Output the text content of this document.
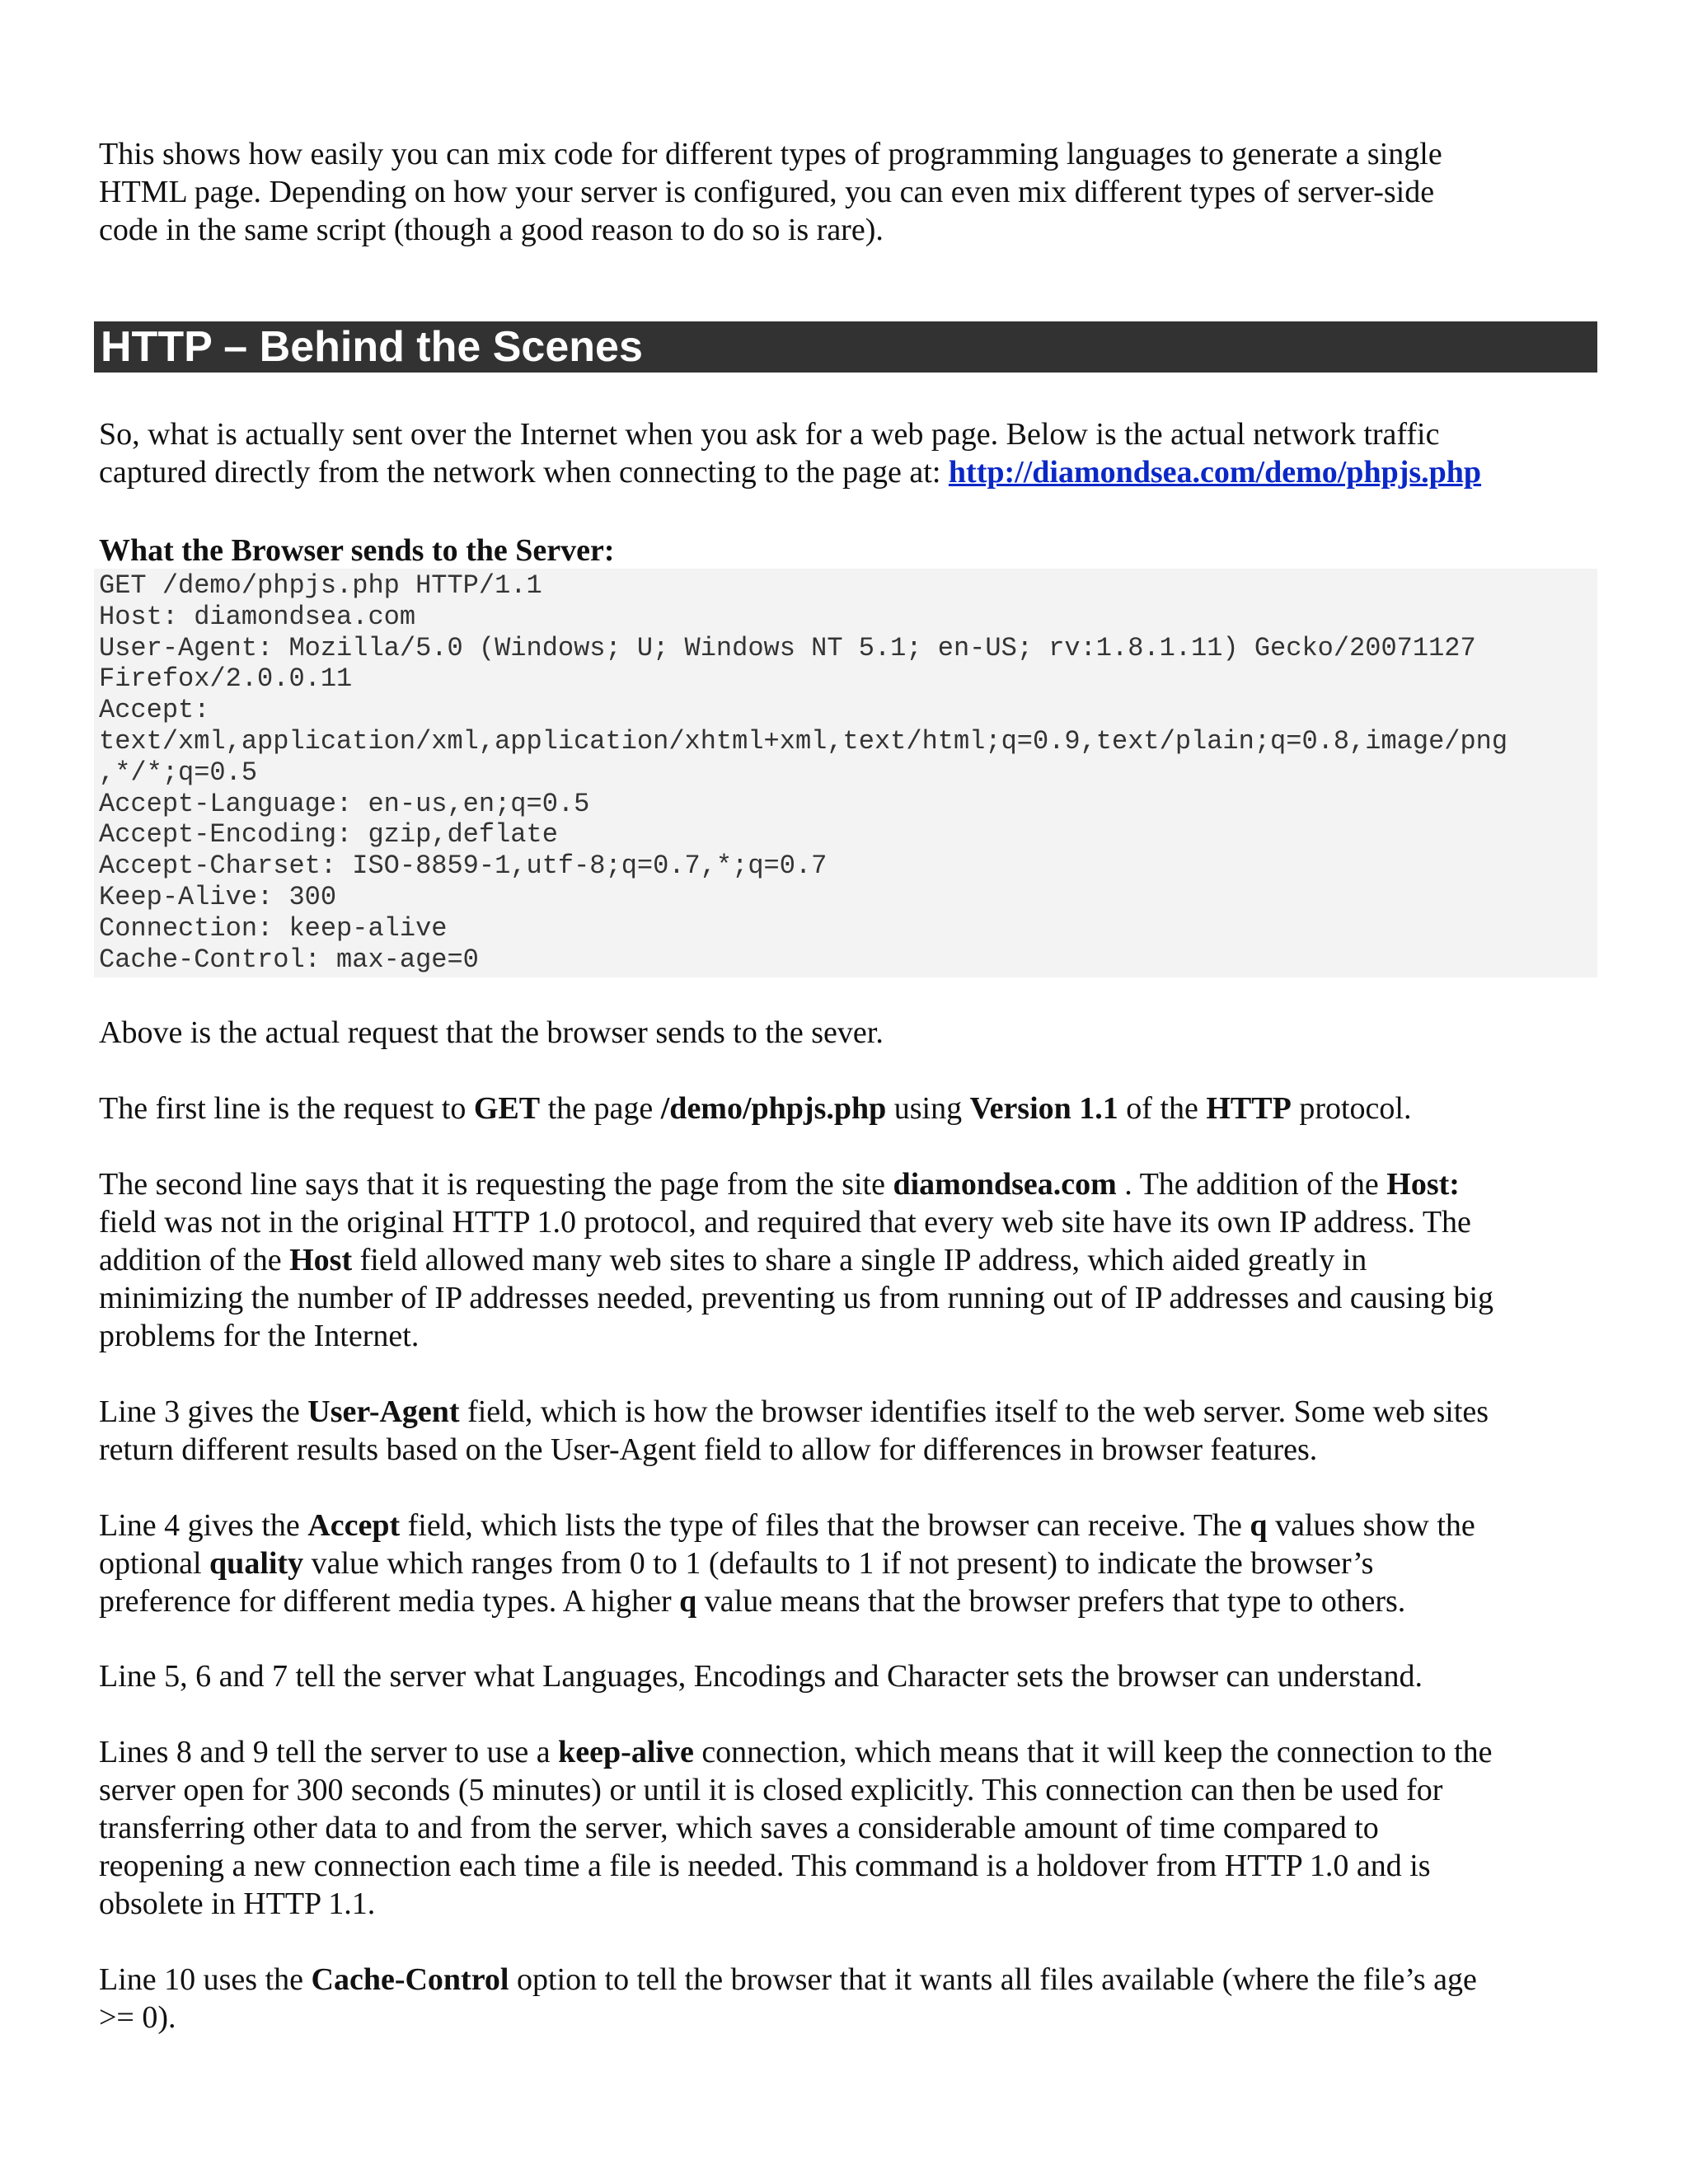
This shows how easily you can mix code for different types of programming languages to generate a single

HTML page. Depending on how your server is configured, you can even mix different types of server-side

code in the same script (though a good reason to do so is rare).

HTTP – Behind the Scenes

So, what is actually sent over the Internet when you ask for a web page. Below is the actual network traffic

captured directly from the network when connecting to the page at: http://diamondsea.com/demo/phpjs.php

What the Browser sends to the Server:

GET /demo/phpjs.php HTTP/1.1
Host: diamondsea.com
User-Agent: Mozilla/5.0 (Windows; U; Windows NT 5.1; en-US; rv:1.8.1.11) Gecko/20071127
Firefox/2.0.0.11
Accept:
text/xml,application/xml,application/xhtml+xml,text/html;q=0.9,text/plain;q=0.8,image/png
,*/*;q=0.5
Accept-Language: en-us,en;q=0.5
Accept-Encoding: gzip,deflate
Accept-Charset: ISO-8859-1,utf-8;q=0.7,*;q=0.7
Keep-Alive: 300
Connection: keep-alive
Cache-Control: max-age=0

Above is the actual request that the browser sends to the sever.

The first line is the request to GET the page /demo/phpjs.php using Version 1.1 of the HTTP protocol.

The second line says that it is requesting the page from the site diamondsea.com . The addition of the Host:

field was not in the original HTTP 1.0 protocol, and required that every web site have its own IP address. The

addition of the Host field allowed many web sites to share a single IP address, which aided greatly in

minimizing the number of IP addresses needed, preventing us from running out of IP addresses and causing big

problems for the Internet.

Line 3 gives the User-Agent field, which is how the browser identifies itself to the web server. Some web sites

return different results based on the User-Agent field to allow for differences in browser features.

Line 4 gives the Accept field, which lists the type of files that the browser can receive. The q values show the

optional quality value which ranges from 0 to 1 (defaults to 1 if not present) to indicate the browser’s

preference for different media types. A higher q value means that the browser prefers that type to others.

Line 5, 6 and 7 tell the server what Languages, Encodings and Character sets the browser can understand.

Lines 8 and 9 tell the server to use a keep-alive connection, which means that it will keep the connection to the

server open for 300 seconds (5 minutes) or until it is closed explicitly. This connection can then be used for

transferring other data to and from the server, which saves a considerable amount of time compared to

reopening a new connection each time a file is needed. This command is a holdover from HTTP 1.0 and is

obsolete in HTTP 1.1.

Line 10 uses the Cache-Control option to tell the browser that it wants all files available (where the file’s age

>= 0).
